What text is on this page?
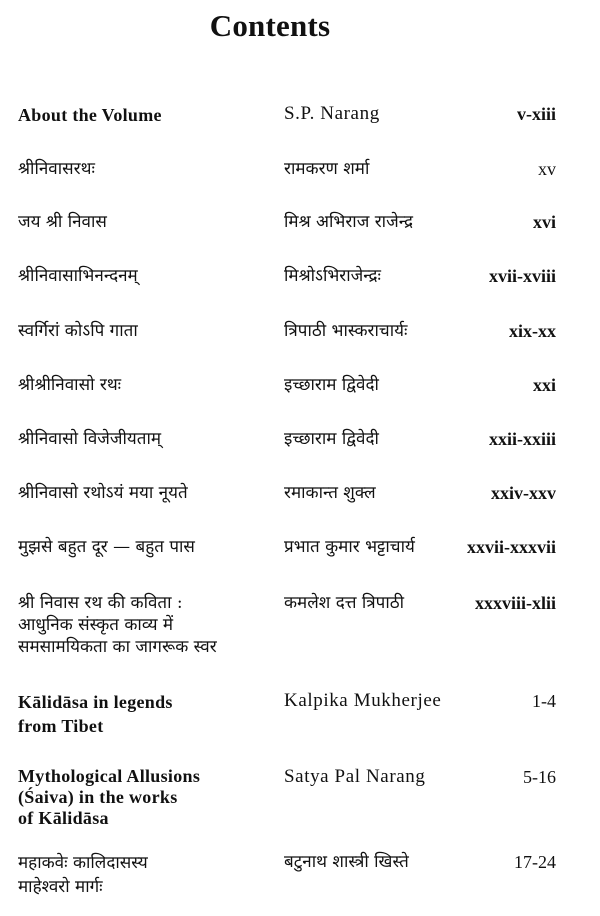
Contents
About the Volume	S.P. Narang	v-xiii
श्रीनिवासरथः	रामकरण शर्मा	xv
जय श्री निवास	मिश्र अभिराज राजेन्द्र	xvi
श्रीनिवासाभिनन्दनम्	मिश्रोऽभिराजेन्द्रः	xvii-xviii
स्वर्गिरां कोऽपि गाता	त्रिपाठी भास्कराचार्यः	xix-xx
श्रीश्रीनिवासो रथः	इच्छाराम द्विवेदी	xxi
श्रीनिवासो विजेजीयताम्	इच्छाराम द्विवेदी	xxii-xxiii
श्रीनिवासो रथोऽयं मया नूयते	रमाकान्त शुक्ल	xxiv-xxv
मुझसे बहुत दूर — बहुत पास	प्रभात कुमार भट्टाचार्य	xxvii-xxxvii
श्री निवास रथ की कविता :
आधुनिक संस्कृत काव्य में
समसामयिकता का जागरूक स्वर
कमलेश दत्त त्रिपाठी	xxxviii-xlii
Kālidāsa in legends
from Tibet
Kalpika Mukherjee	1-4
Mythological Allusions
(Śaiva) in the works
of Kālidāsa
Satya Pal Narang	5-16
महाकवेः कालिदासस्य
माहेश्वरो मार्गः
बटुनाथ शास्त्री खिस्ते	17-24
